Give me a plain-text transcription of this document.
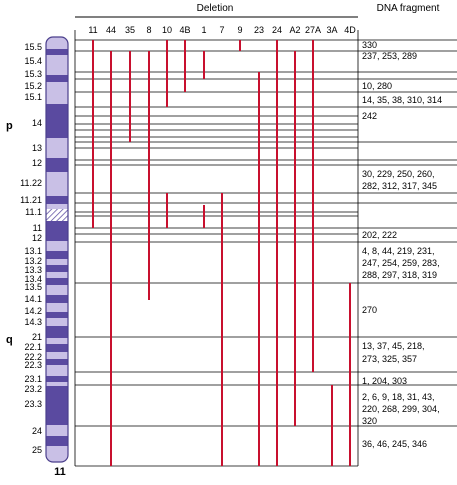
Deletion	DNA fragment
11 44 35 8 10 4B 1 7 9 23 24 A2 27A 3A 4D
15.5
15.4
15.3
15.2
15.1
14
13
12
11.22
11.21
11.1
11
12
13.1
13.2
13.3
13.4
13.5
14.1
14.2
14.3
21
22.1
22.2
22.3
23.1
23.2
23.3
24
25
330
237, 253, 289
10, 280
14, 35, 38, 310, 314
242
30, 229, 250, 260,
282, 312, 317, 345
202, 222
4, 8, 44, 219, 231,
247, 254, 259, 283,
288, 297, 318, 319
270
13, 37, 45, 218,
273, 325, 357
1, 204, 303
2, 6, 9, 18, 31, 43,
220, 268, 299, 304,
320
36, 46, 245, 346
p
q
11
